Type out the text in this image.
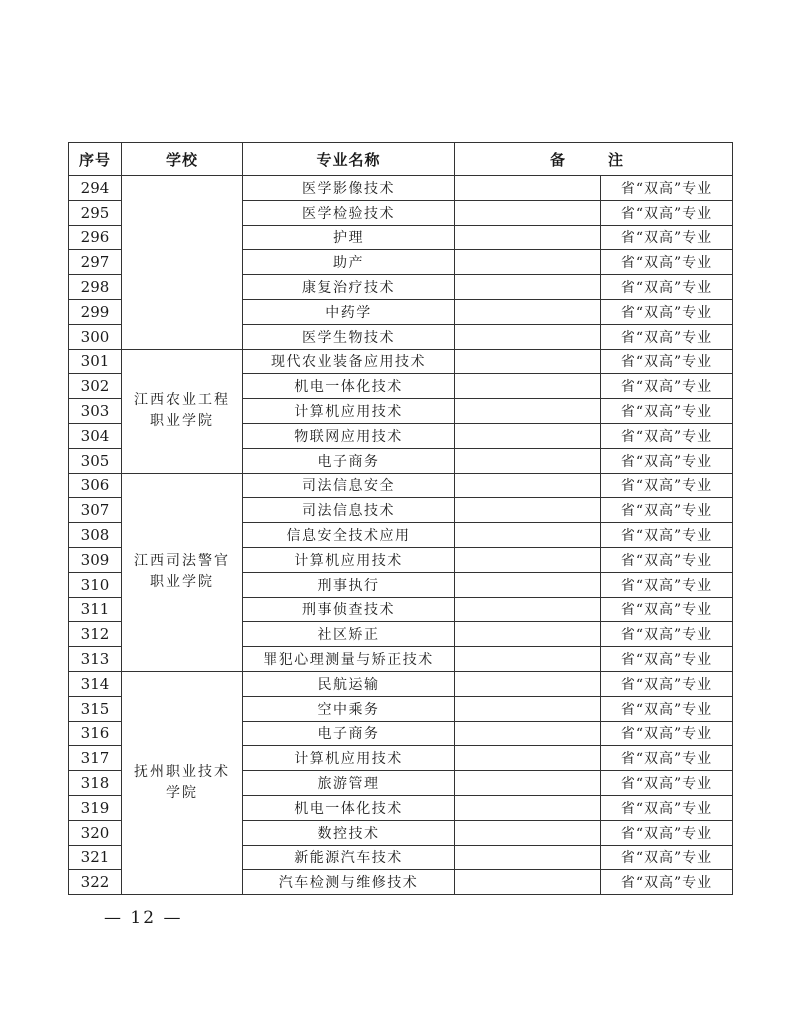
序号	学校	专业名称	备　注	
294		医学影像技术		省“双高”专业
295		医学检验技术		省“双高”专业
296		护理		省“双高”专业
297		助产		省“双高”专业
298		康复治疗技术		省“双高”专业
299		中药学		省“双高”专业
300		医学生物技术		省“双高”专业
301	江西农业工程职业学院	现代农业装备应用技术		省“双高”专业
302		机电一体化技术		省“双高”专业
303		计算机应用技术		省“双高”专业
304		物联网应用技术		省“双高”专业
305		电子商务		省“双高”专业
306	江西司法警官职业学院	司法信息安全		省“双高”专业
307		司法信息技术		省“双高”专业
308		信息安全技术应用		省“双高”专业
309		计算机应用技术		省“双高”专业
310		刑事执行		省“双高”专业
311		刑事侦查技术		省“双高”专业
312		社区矫正		省“双高”专业
313		罪犯心理测量与矫正技术		省“双高”专业
314	抚州职业技术学院	民航运输		省“双高”专业
315		空中乘务		省“双高”专业
316		电子商务		省“双高”专业
317		计算机应用技术		省“双高”专业
318		旅游管理		省“双高”专业
319		机电一体化技术		省“双高”专业
320		数控技术		省“双高”专业
321		新能源汽车技术		省“双高”专业
322		汽车检测与维修技术		省“双高”专业
— 12 —
